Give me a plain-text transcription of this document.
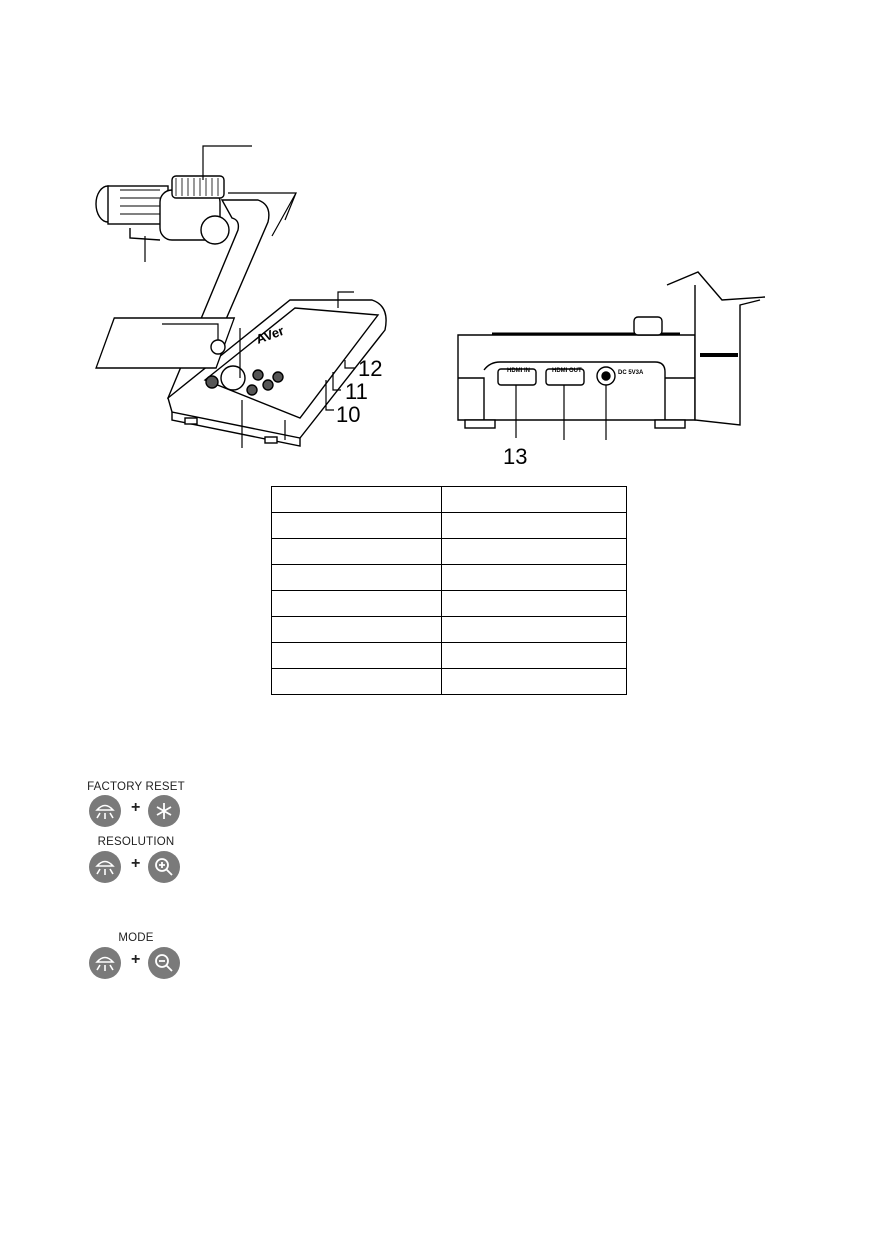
AVer
HDMI IN	HDMI OUT	DC 5V3A
10
11
12
13

FACTORY RESET
+
RESOLUTION
+
MODE
+
